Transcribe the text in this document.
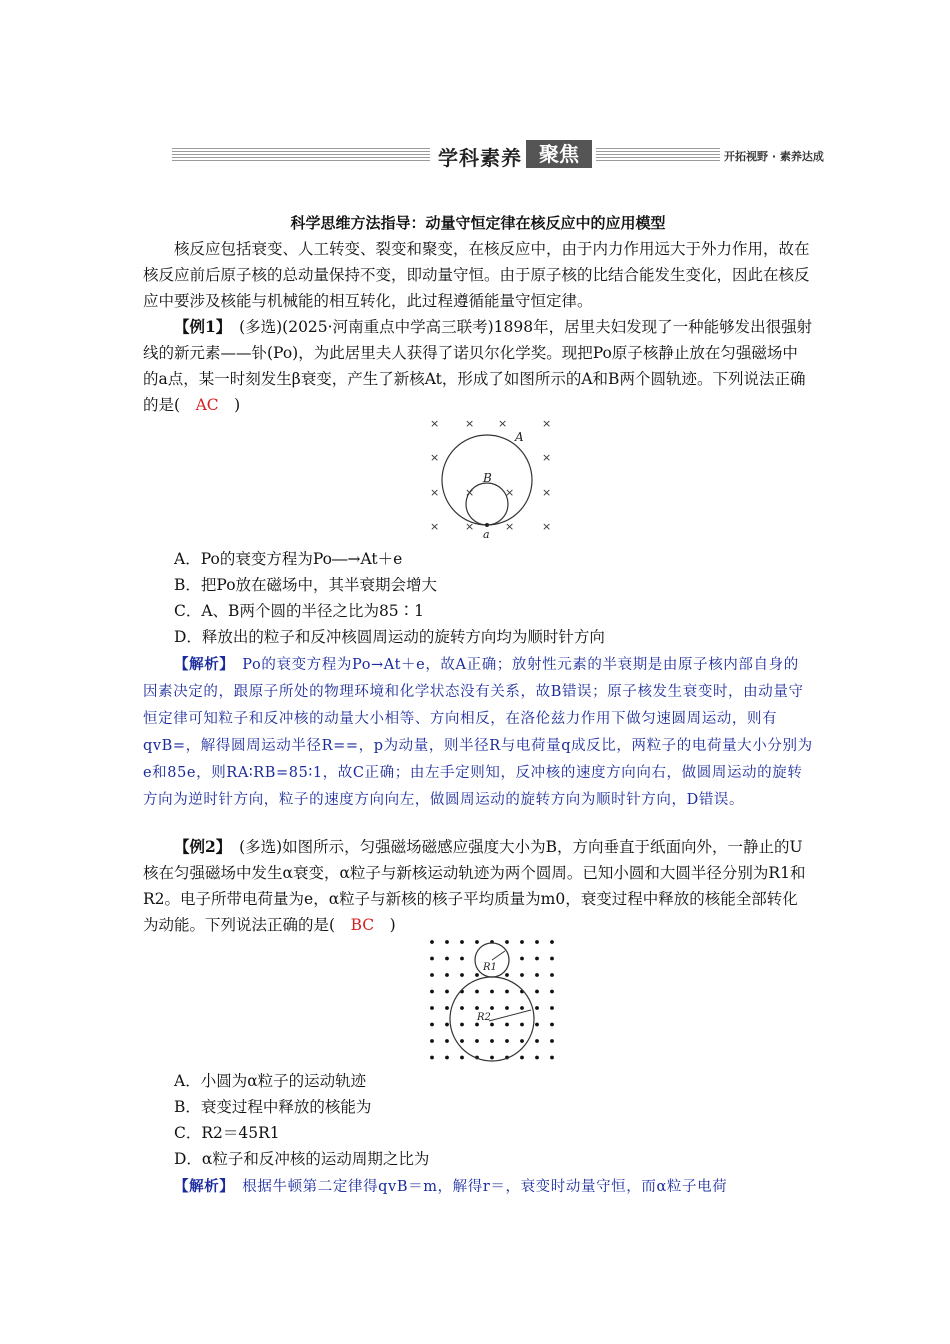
学科素养 聚焦	开拓视野 · 素养达成

科学思维方法指导：动量守恒定律在核反应中的应用模型

核反应包括衰变、人工转变、裂变和聚变，在核反应中，由于内力作用远大于外力作用，故在核反应前后原子核的总动量保持不变，即动量守恒。由于原子核的比结合能发生变化，因此在核反应中要涉及核能与机械能的相互转化，此过程遵循能量守恒定律。

【例1】　 (多选)(2025·河南重点中学高三联考)1898年，居里夫妇发现了一种能够发出很强射线的新元素——钋(Po)，为此居里夫人获得了诺贝尔化学奖。现把Po原子核静止放在匀强磁场中的a点，某一时刻发生β衰变，产生了新核At，形成了如图所示的A和B两个圆轨迹。下列说法正确的是(　 AC　)

× × ×	×
×	×
× ×	×	×
× ×	×	×
A
B
a
A．Po的衰变方程为Po―→At＋e
B．把Po放在磁场中，其半衰期会增大
C．A、B两个圆的半径之比为85∶1
D．释放出的粒子和反冲核圆周运动的旋转方向均为顺时针方向

【解析】　 Po的衰变方程为Po→At＋e，故A正确；放射性元素的半衰期是由原子核内部自身的因素决定的，跟原子所处的物理环境和化学状态没有关系，故B错误；原子核发生衰变时，由动量守恒定律可知粒子和反冲核的动量大小相等、方向相反，在洛伦兹力作用下做匀速圆周运动，则有qvB=，解得圆周运动半径R==，p为动量，则半径R与电荷量q成反比，两粒子的电荷量大小分别为e和85e，则RA∶RB=85∶1，故C正确；由左手定则知，反冲核的速度方向向右，做圆周运动的旋转方向为逆时针方向，粒子的速度方向向左，做圆周运动的旋转方向为顺时针方向，D错误。

【例2】　 (多选)如图所示，匀强磁场磁感应强度大小为B，方向垂直于纸面向外，一静止的U核在匀强磁场中发生α衰变，α粒子与新核运动轨迹为两个圆周。已知小圆和大圆半径分别为R1和R2。电子所带电荷量为e，α粒子与新核的核子平均质量为m0，衰变过程中释放的核能全部转化为动能。下列说法正确的是(　 BC　)

R1
R2
A．小圆为α粒子的运动轨迹
B．衰变过程中释放的核能为
C．R2＝45R1
D．α粒子和反冲核的运动周期之比为

【解析】　 根据牛顿第二定律得qvB＝m，解得r＝，衰变时动量守恒，而α粒子电荷
